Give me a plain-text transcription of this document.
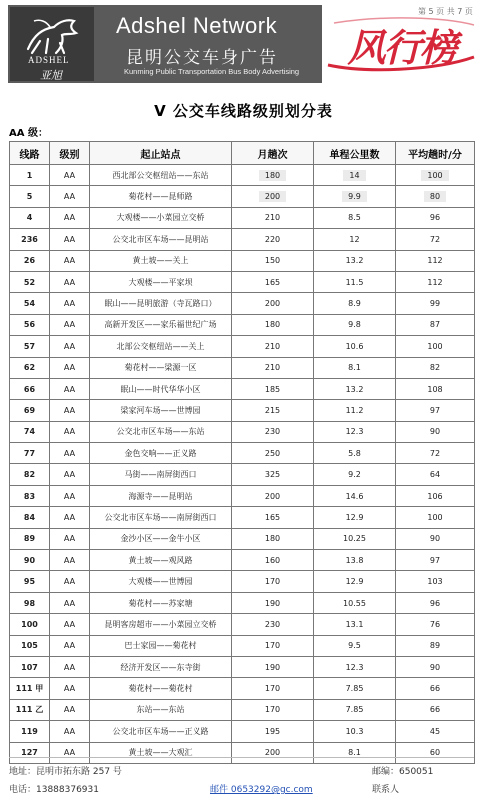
ADSHEL
亚旭
Adshel Network
昆明公交车身广告
Kunming Public Transportation Bus Body Advertising
第 5 页 共 7 页
风行榜
V 公交车线路级别划分表
AA 级：
线路	级别	起止站点	月趟次	单程公里数	平均趟时/分
1	AA	西北部公交枢纽站——东站	180	14	100
5	AA	菊花村——昆师路	200	9.9	80
4	AA	大观楼——小菜园立交桥	210	8.5	96
236	AA	公交北市区车场——昆明站	220	12	72
26	AA	黄土坡——关上	150	13.2	112
52	AA	大观楼——平家坝	165	11.5	112
54	AA	眠山——昆明旅游（寺瓦路口）	200	8.9	99
56	AA	高新开发区——家乐福世纪广场	180	9.8	87
57	AA	北部公交枢纽站——关上	210	10.6	100
62	AA	菊花村——梁源一区	210	8.1	82
66	AA	眠山——时代华华小区	185	13.2	108
69	AA	梁家河车场——世博园	215	11.2	97
74	AA	公交北市区车场——东站	230	12.3	90
77	AA	金色交响——正义路	250	5.8	72
82	AA	马街——南屏街西口	325	9.2	64
83	AA	海源寺——昆明站	200	14.6	106
84	AA	公交北市区车场——南屏街西口	165	12.9	100
89	AA	金沙小区——金牛小区	180	10.25	90
90	AA	黄土坡——观风路	160	13.8	97
95	AA	大观楼——世博园	170	12.9	103
98	AA	菊花村——苏家塘	190	10.55	96
100	AA	昆明客房超市——小菜园立交桥	230	13.1	76
105	AA	巴士家园——菊花村	170	9.5	89
107	AA	经济开发区——东寺街	190	12.3	90
111 甲	AA	菊花村——菊花村	170	7.85	66
111 乙	AA	东站——东站	170	7.85	66
119	AA	公交北市区车场——正义路	195	10.3	45
127	AA	黄土坡——大观汇	200	8.1	60
地址：昆明市拓东路 257 号	邮编：650051
电话：13888376931	邮件 0653292@gc.com	联系人
